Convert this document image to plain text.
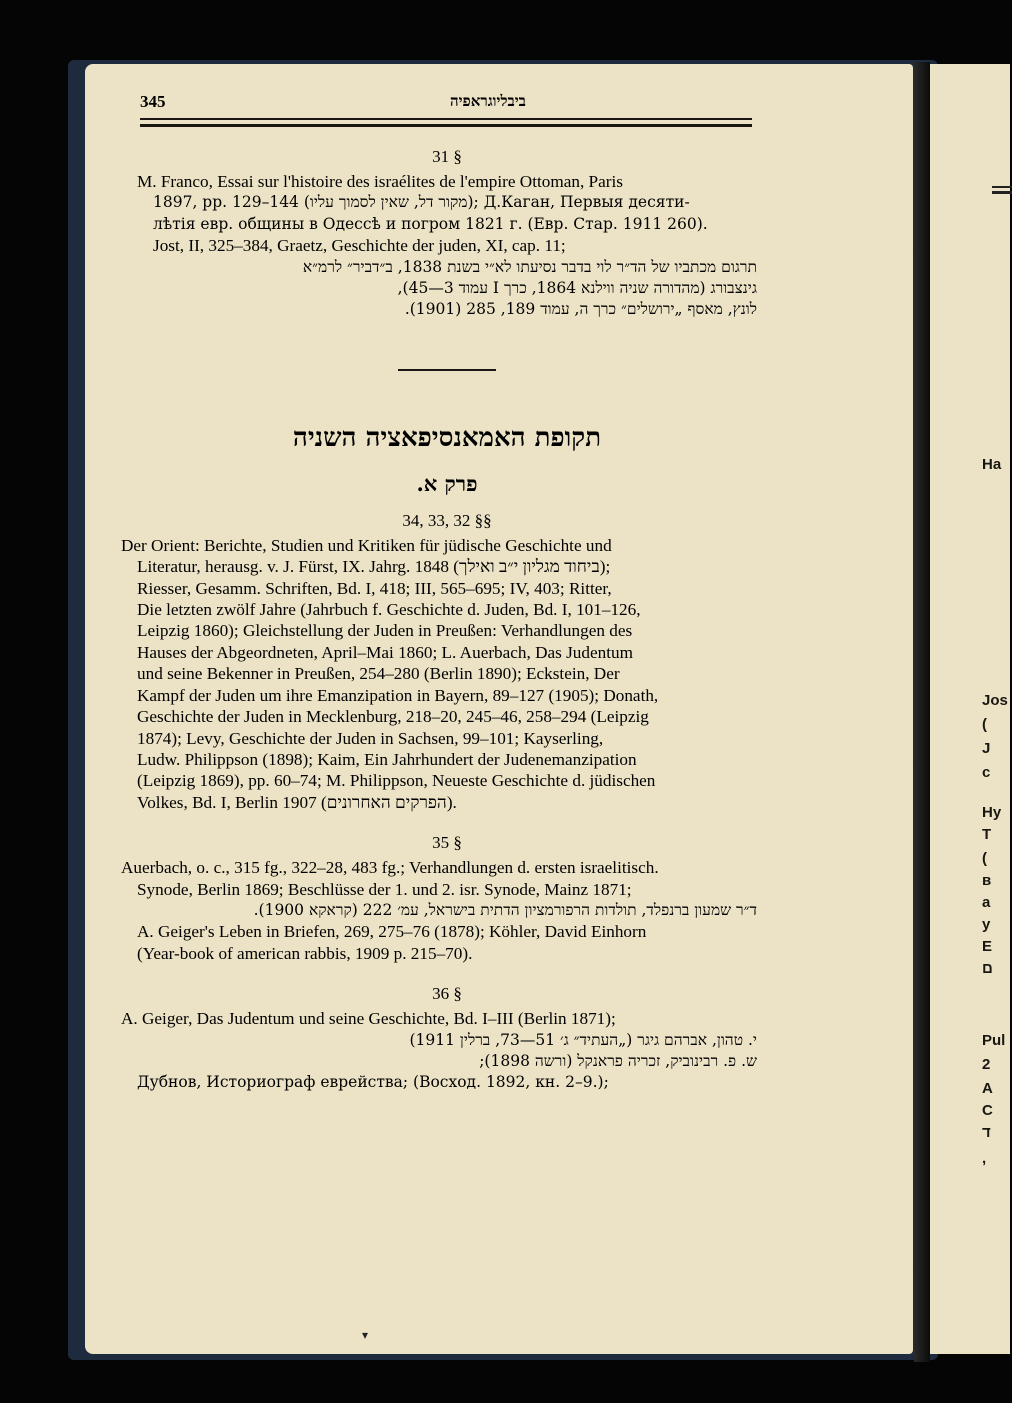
Ha
Jos
(
J
c
Hy
T
(
в
a
y
E
ם
Pul
2
A
C
ד
,
345	ביבליוגראפיה
31 §
M. Franco, Essai sur l'histoire des israélites de l'empire Ottoman, Paris
1897, pp. 129–144 (מקור דל, שאין לסמוך עליו); Д.Каган, Первыя десяти-
лѣтія евр. общины в Одессѣ и погром 1821 г. (Евр. Стар. 1911 260).
Jost, II, 325–384, Graetz, Geschichte der juden, XI, cap. 11;
תרגום מכתביו של הד״ר לוי בדבר נסיעתו לא״י בשנת 1838, ב״דביר״ לרמ״א
גינצבורג (מהדורה שניה ווילנא 1864, כרך I עמוד 3—45),
לונץ, מאסף „ירושלים״ כרך ה, עמוד 189, 285 (1901).
תקופת האמאנסיפאציה השניה
פרק א.
34, 33, 32 §§
Der Orient: Berichte, Studien und Kritiken für jüdische Geschichte und
Literatur, herausg. v. J. Fürst, IX. Jahrg. 1848 (ביחוד מגליון י״ב ואילך);
Riesser, Gesamm. Schriften, Bd. I, 418; III, 565–695; IV, 403; Ritter,
Die letzten zwölf Jahre (Jahrbuch f. Geschichte d. Juden, Bd. I, 101–126,
Leipzig 1860); Gleichstellung der Juden in Preußen: Verhandlungen des
Hauses der Abgeordneten, April–Mai 1860; L. Auerbach, Das Judentum
und seine Bekenner in Preußen, 254–280 (Berlin 1890); Eckstein, Der
Kampf der Juden um ihre Emanzipation in Bayern, 89–127 (1905); Donath,
Geschichte der Juden in Mecklenburg, 218–20, 245–46, 258–294 (Leipzig
1874); Levy, Geschichte der Juden in Sachsen, 99–101; Kayserling,
Ludw. Philippson (1898); Kaim, Ein Jahrhundert der Judenemanzipation
(Leipzig 1869), pp. 60–74; M. Philippson, Neueste Geschichte d. jüdischen
Volkes, Bd. I, Berlin 1907 (הפרקים האחרונים).
35 §
Auerbach, o. c., 315 fg., 322–28, 483 fg.; Verhandlungen d. ersten israelitisch.
Synode, Berlin 1869; Beschlüsse der 1. und 2. isr. Synode, Mainz 1871;
ד״ר שמעון ברנפלד, תולדות הרפורמציון הדתית בישראל, עמ׳ 222 (קראקא 1900).
A. Geiger's Leben in Briefen, 269, 275–76 (1878); Köhler, David Einhorn
(Year-book of american rabbis, 1909 p. 215–70).
36 §
A. Geiger, Das Judentum und seine Geschichte, Bd. I–III (Berlin 1871);
י. טהון, אברהם גיגר („העתיד״ ג׳ 51—73, ברלין 1911)
ש. פ. רבינוביק, זכריה פראנקל (ורשה 1898);
Дубнов, Историограф еврейства; (Восход. 1892, кн. 2–9.);
▾
